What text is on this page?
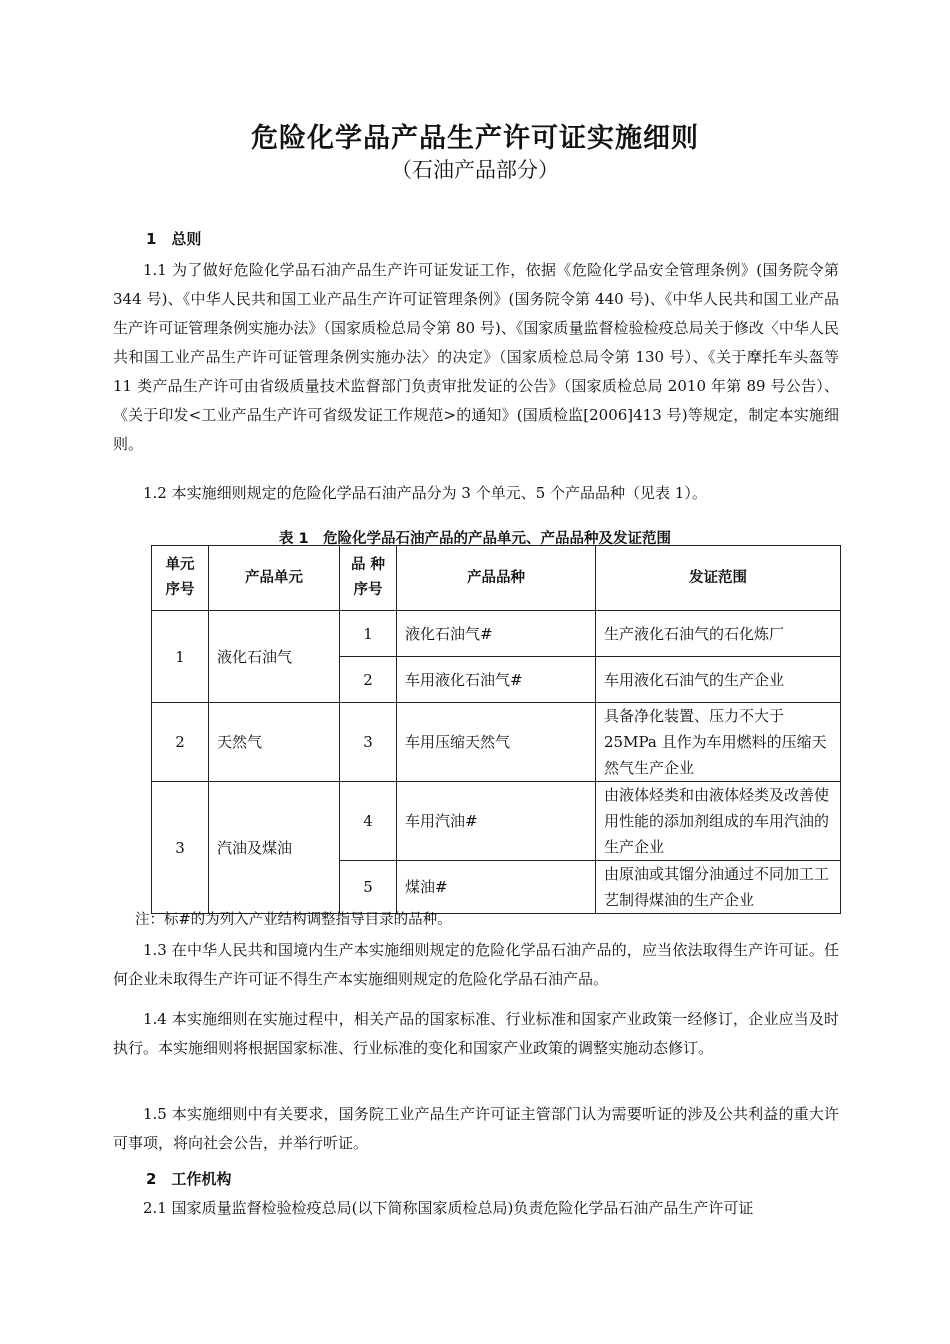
危险化学品产品生产许可证实施细则
（石油产品部分）
1　总则
1.1 为了做好危险化学品石油产品生产许可证发证工作，依据《危险化学品安全管理条例》(国务院令第 344 号)、《中华人民共和国工业产品生产许可证管理条例》(国务院令第 440 号)、《中华人民共和国工业产品生产许可证管理条例实施办法》（国家质检总局令第 80 号)、《国家质量监督检验检疫总局关于修改〈中华人民共和国工业产品生产许可证管理条例实施办法〉的决定》（国家质检总局令第 130 号）、《关于摩托车头盔等 11 类产品生产许可由省级质量技术监督部门负责审批发证的公告》（国家质检总局 2010 年第 89 号公告）、《关于印发<工业产品生产许可省级发证工作规范>的通知》(国质检监[2006]413 号)等规定，制定本实施细则。
1.2 本实施细则规定的危险化学品石油产品分为 3 个单元、5 个产品品种（见表 1）。
表 1　危险化学品石油产品的产品单元、产品品种及发证范围
单元序号	产品单元	品 种序号	产品品种	发证范围
1	液化石油气	1	液化石油气#	生产液化石油气的石化炼厂
		2	车用液化石油气#	车用液化石油气的生产企业
2	天然气	3	车用压缩天然气	具备净化装置、压力不大于 25MPa 且作为车用燃料的压缩天然气生产企业
3	汽油及煤油	4	车用汽油#	由液体烃类和由液体烃类及改善使用性能的添加剂组成的车用汽油的生产企业
		5	煤油#	由原油或其馏分油通过不同加工工艺制得煤油的生产企业
注：标#的为列入产业结构调整指导目录的品种。
1.3 在中华人民共和国境内生产本实施细则规定的危险化学品石油产品的，应当依法取得生产许可证。任何企业未取得生产许可证不得生产本实施细则规定的危险化学品石油产品。
1.4 本实施细则在实施过程中，相关产品的国家标准、行业标准和国家产业政策一经修订，企业应当及时执行。本实施细则将根据国家标准、行业标准的变化和国家产业政策的调整实施动态修订。
1.5 本实施细则中有关要求，国务院工业产品生产许可证主管部门认为需要听证的涉及公共利益的重大许可事项，将向社会公告，并举行听证。
2　工作机构
2.1 国家质量监督检验检疫总局(以下简称国家质检总局)负责危险化学品石油产品生产许可证
